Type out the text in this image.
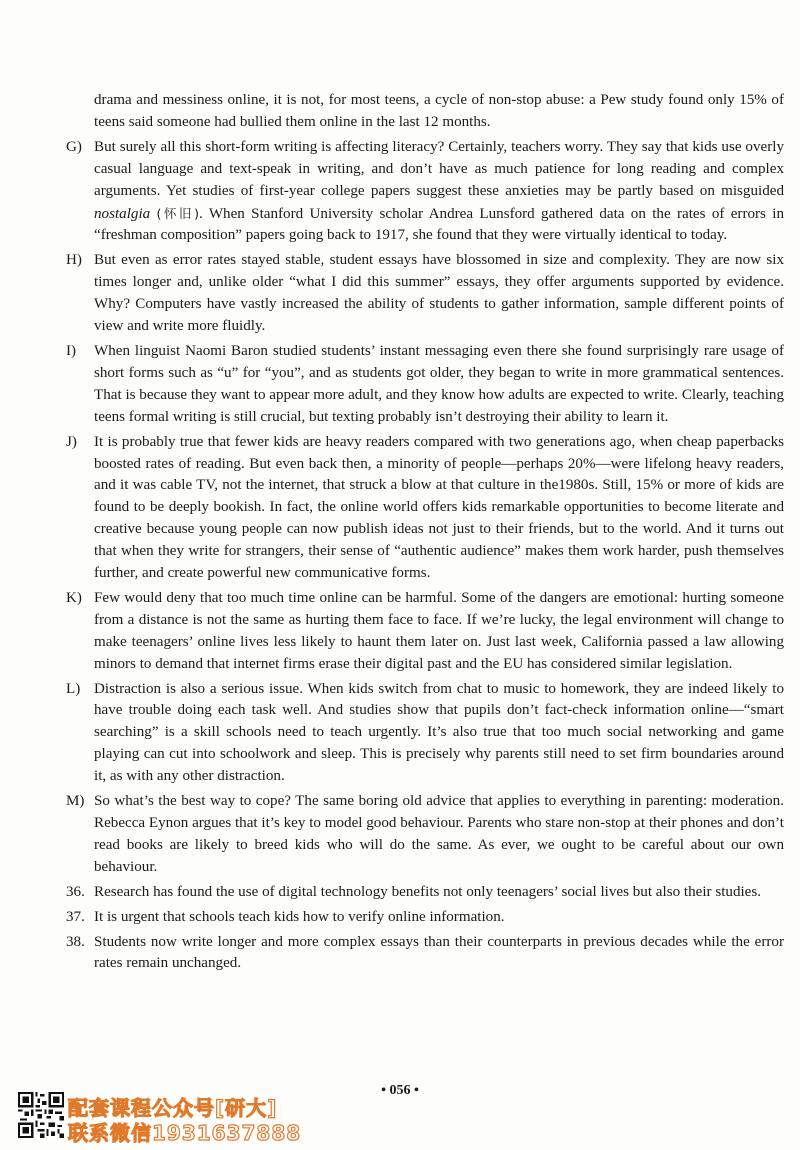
drama and messiness online, it is not, for most teens, a cycle of non-stop abuse: a Pew study found only 15% of teens said someone had bullied them online in the last 12 months.
G) But surely all this short-form writing is affecting literacy? Certainly, teachers worry. They say that kids use overly casual language and text-speak in writing, and don’t have as much patience for long reading and complex arguments. Yet studies of first-year college papers suggest these anxieties may be partly based on misguided nostalgia (怀旧). When Stanford University scholar Andrea Lunsford gathered data on the rates of errors in “freshman composition” papers going back to 1917, she found that they were virtually identical to today.
H) But even as error rates stayed stable, student essays have blossomed in size and complexity. They are now six times longer and, unlike older “what I did this summer” essays, they offer arguments supported by evidence. Why? Computers have vastly increased the ability of students to gather information, sample different points of view and write more fluidly.
I) When linguist Naomi Baron studied students’ instant messaging even there she found surprisingly rare usage of short forms such as “u” for “you”, and as students got older, they began to write in more grammatical sentences. That is because they want to appear more adult, and they know how adults are expected to write. Clearly, teaching teens formal writing is still crucial, but texting probably isn’t destroying their ability to learn it.
J) It is probably true that fewer kids are heavy readers compared with two generations ago, when cheap paperbacks boosted rates of reading. But even back then, a minority of people—perhaps 20%—were lifelong heavy readers, and it was cable TV, not the internet, that struck a blow at that culture in the1980s. Still, 15% or more of kids are found to be deeply bookish. In fact, the online world offers kids remarkable opportunities to become literate and creative because young people can now publish ideas not just to their friends, but to the world. And it turns out that when they write for strangers, their sense of “authentic audience” makes them work harder, push themselves further, and create powerful new communicative forms.
K) Few would deny that too much time online can be harmful. Some of the dangers are emotional: hurting someone from a distance is not the same as hurting them face to face. If we’re lucky, the legal environment will change to make teenagers’ online lives less likely to haunt them later on. Just last week, California passed a law allowing minors to demand that internet firms erase their digital past and the EU has considered similar legislation.
L) Distraction is also a serious issue. When kids switch from chat to music to homework, they are indeed likely to have trouble doing each task well. And studies show that pupils don’t fact-check information online—“smart searching” is a skill schools need to teach urgently. It’s also true that too much social networking and game playing can cut into schoolwork and sleep. This is precisely why parents still need to set firm boundaries around it, as with any other distraction.
M) So what’s the best way to cope? The same boring old advice that applies to everything in parenting: moderation. Rebecca Eynon argues that it’s key to model good behaviour. Parents who stare non-stop at their phones and don’t read books are likely to breed kids who will do the same. As ever, we ought to be careful about our own behaviour.
36. Research has found the use of digital technology benefits not only teenagers’ social lives but also their studies.
37. It is urgent that schools teach kids how to verify online information.
38. Students now write longer and more complex essays than their counterparts in previous decades while the error rates remain unchanged.
• 056 •
配套课程公众号[研大]
联系微信1931637888
